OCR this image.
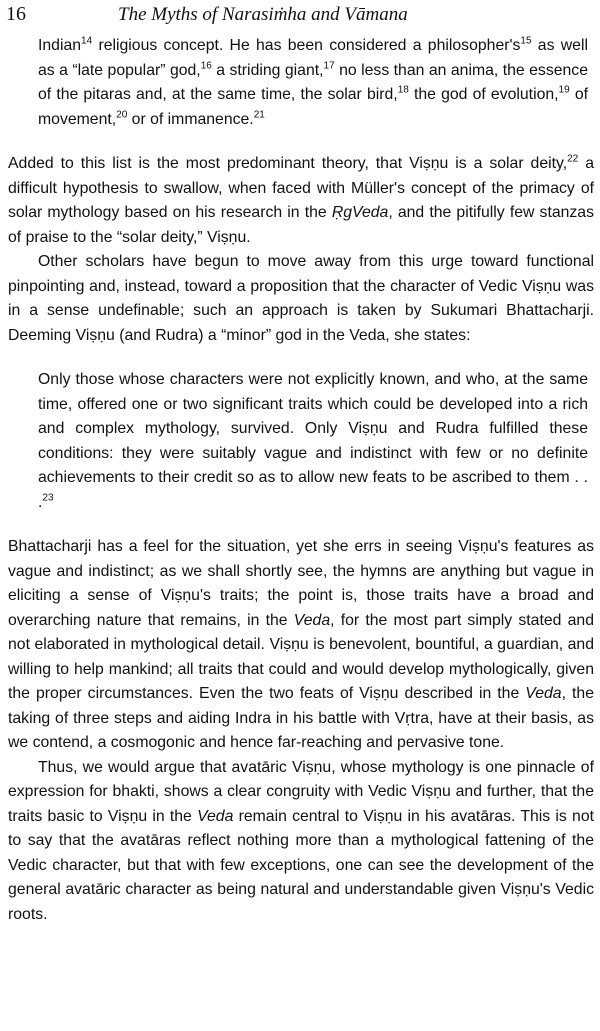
16	The Myths of Narasiṁha and Vāmana
Indian$^{14}$ religious concept. He has been considered a $philosopher's^{15}$ as well as a “late popular” god,$^{16}$ a striding giant,$^{17}$ no less than an anima, the essence of the pitaras and, at the same time, the solar bird,$^{18}$ the god of evolution,$^{19}$ of movement,$^{20}$ or of immanence.$^{21}$

Added to this list is the most predominant theory, that Viṣṇu is a solar deity,$^{22}$ a difficult hypothesis to swallow, when faced with Müller's concept of the primacy of solar mythology based on his research in the ṚgVeda, and the pitifully few stanzas of praise to the “solar deity,” Viṣṇu.

Other scholars have begun to move away from this urge toward functional pinpointing and, instead, toward a proposition that the character of Vedic Viṣṇu was in a sense undefinable; such an approach is taken by Sukumari Bhattacharji. Deeming Viṣṇu (and Rudra) a “minor” god in the Veda, she states:

Only those whose characters were not explicitly known, and who, at the same time, offered one or two significant traits which could be developed into a rich and complex mythology, survived. Only Viṣṇu and Rudra fulfilled these conditions: they were suitably vague and indistinct with few or no definite achievements to their credit so as to allow new feats to be ascribed to them . . .$^{23}$

Bhattacharji has a feel for the situation, yet she errs in seeing Viṣṇu's features as vague and indistinct; as we shall shortly see, the hymns are anything but vague in eliciting a sense of Viṣṇu's traits; the point is, those traits have a broad and overarching nature that remains, in the Veda, for the most part simply stated and not elaborated in mythological detail. Viṣṇu is benevolent, bountiful, a guardian, and willing to help mankind; all traits that could and would develop mythologically, given the proper circumstances. Even the two feats of Viṣṇu described in the Veda, the taking of three steps and aiding Indra in his battle with Vṛtra, have at their basis, as we contend, a cosmogonic and hence far-reaching and pervasive tone.

Thus, we would argue that avatāric Viṣṇu, whose mythology is one pinnacle of expression for bhakti, shows a clear congruity with Vedic Viṣṇu and further, that the traits basic to Viṣṇu in the Veda remain central to Viṣṇu in his avatāras. This is not to say that the avatāras reflect nothing more than a mythological fattening of the Vedic character, but that with few exceptions, one can see the development of the general avatāric character as being natural and understandable given Viṣṇu's Vedic roots.
